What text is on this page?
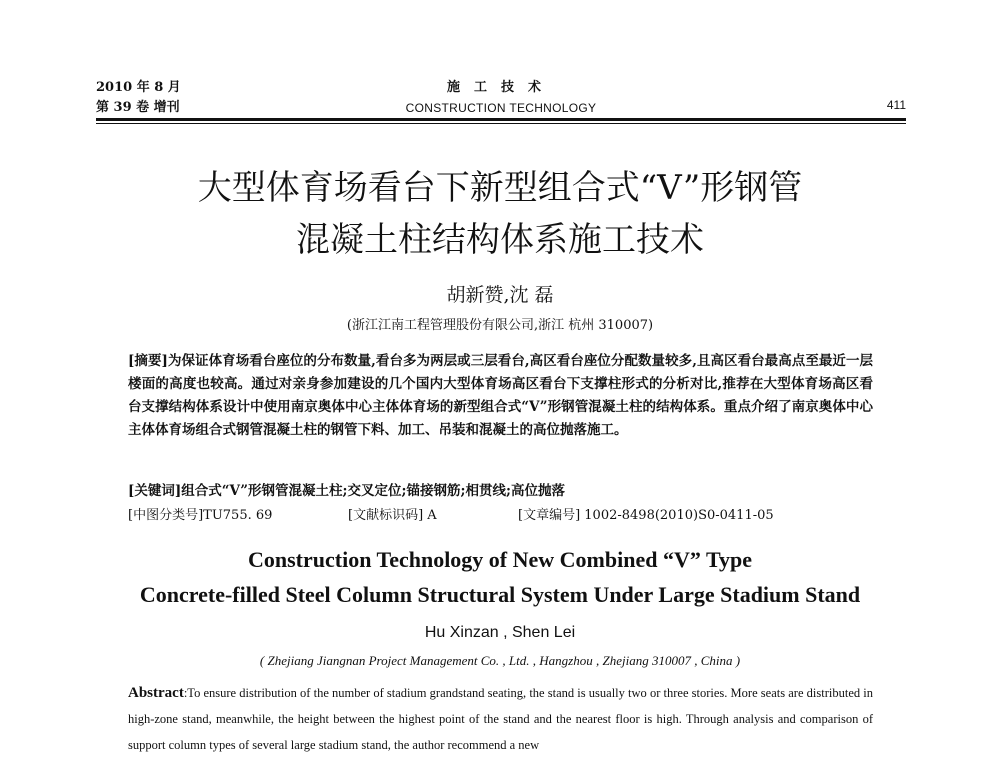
2010 年 8 月
第 39 卷 增刊
施工技术
CONSTRUCTION TECHNOLOGY	411
大型体育场看台下新型组合式“V”形钢管
混凝土柱结构体系施工技术
胡新赞,沈 磊
(浙江江南工程管理股份有限公司,浙江 杭州 310007)
[摘要]为保证体育场看台座位的分布数量,看台多为两层或三层看台,高区看台座位分配数量较多,且高区看台最高点至最近一层楼面的高度也较高。通过对亲身参加建设的几个国内大型体育场高区看台下支撑柱形式的分析对比,推荐在大型体育场高区看台支撑结构体系设计中使用南京奥体中心主体体育场的新型组合式“V”形钢管混凝土柱的结构体系。重点介绍了南京奥体中心主体体育场组合式钢管混凝土柱的钢管下料、加工、吊装和混凝土的高位抛落施工。
[关键词]组合式“V”形钢管混凝土柱;交叉定位;锚接钢筋;相贯线;高位抛落
[中图分类号]TU755. 69	[文献标识码] A	[文章编号] 1002-8498(2010)S0-0411-05
Construction Technology of New Combined “V” Type
Concrete-filled Steel Column Structural System Under Large Stadium Stand
Hu Xinzan , Shen Lei
( Zhejiang Jiangnan Project Management Co. , Ltd. , Hangzhou , Zhejiang 310007 , China )
Abstract:To ensure distribution of the number of stadium grandstand seating, the stand is usually two or three stories. More seats are distributed in high-zone stand, meanwhile, the height between the highest point of the stand and the nearest floor is high. Through analysis and comparison of support column types of several large stadium stand, the author recommend a new
